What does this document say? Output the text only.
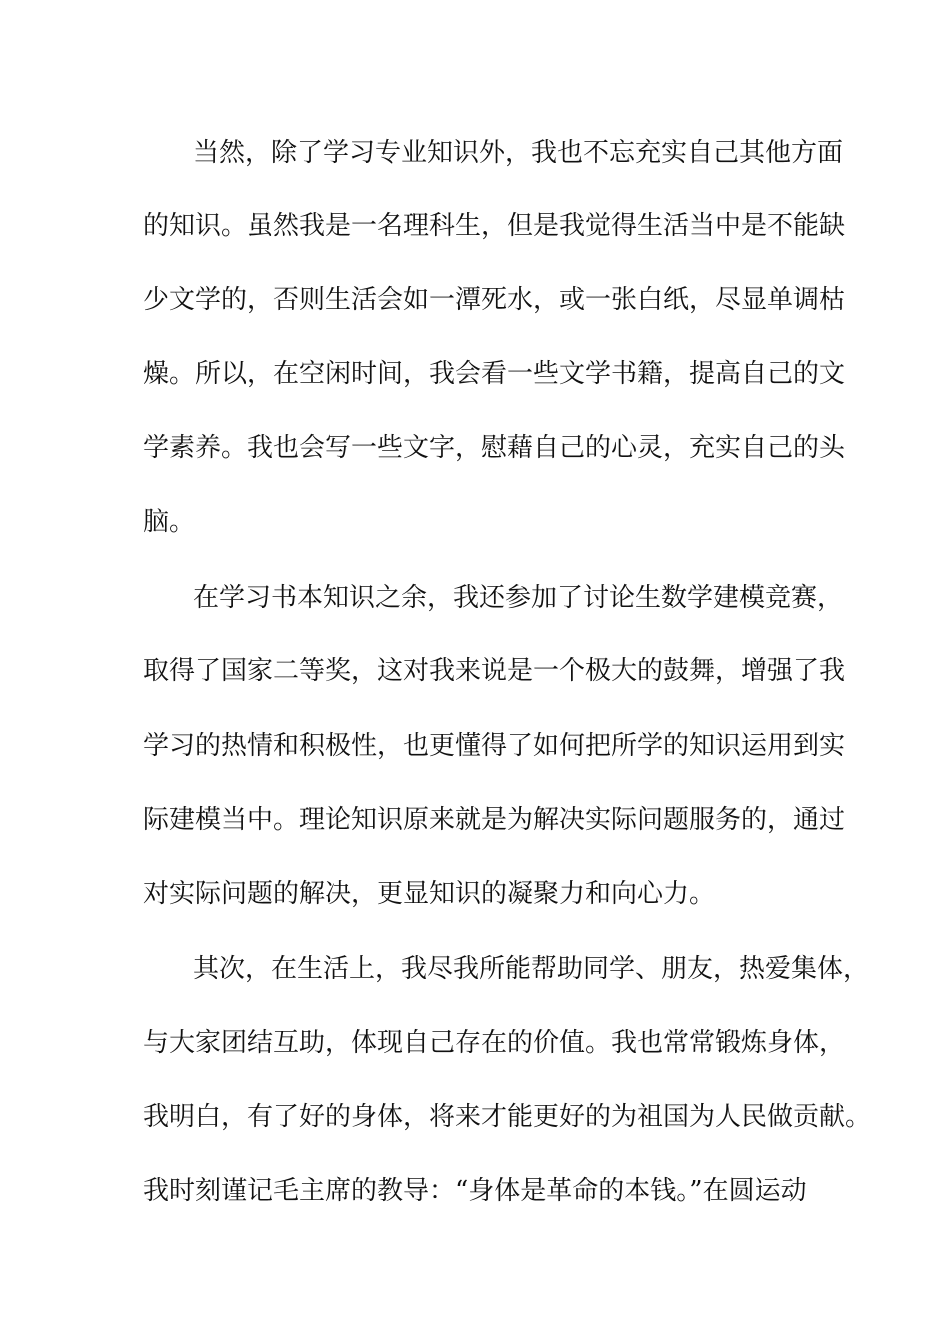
当然，除了学习专业知识外，我也不忘充实自己其他方面
的知识。虽然我是一名理科生，但是我觉得生活当中是不能缺
少文学的，否则生活会如一潭死水，或一张白纸，尽显单调枯
燥。所以，在空闲时间，我会看一些文学书籍，提高自己的文
学素养。我也会写一些文字，慰藉自己的心灵，充实自己的头
脑。
在学习书本知识之余，我还参加了讨论生数学建模竞赛，
取得了国家二等奖，这对我来说是一个极大的鼓舞，增强了我
学习的热情和积极性，也更懂得了如何把所学的知识运用到实
际建模当中。理论知识原来就是为解决实际问题服务的，通过
对实际问题的解决，更显知识的凝聚力和向心力。
其次，在生活上，我尽我所能帮助同学、朋友，热爱集体，
与大家团结互助，体现自己存在的价值。我也常常锻炼身体，
我明白，有了好的身体，将来才能更好的为祖国为人民做贡献。
我时刻谨记毛主席的教导：“身体是革命的本钱。”在圆运动
